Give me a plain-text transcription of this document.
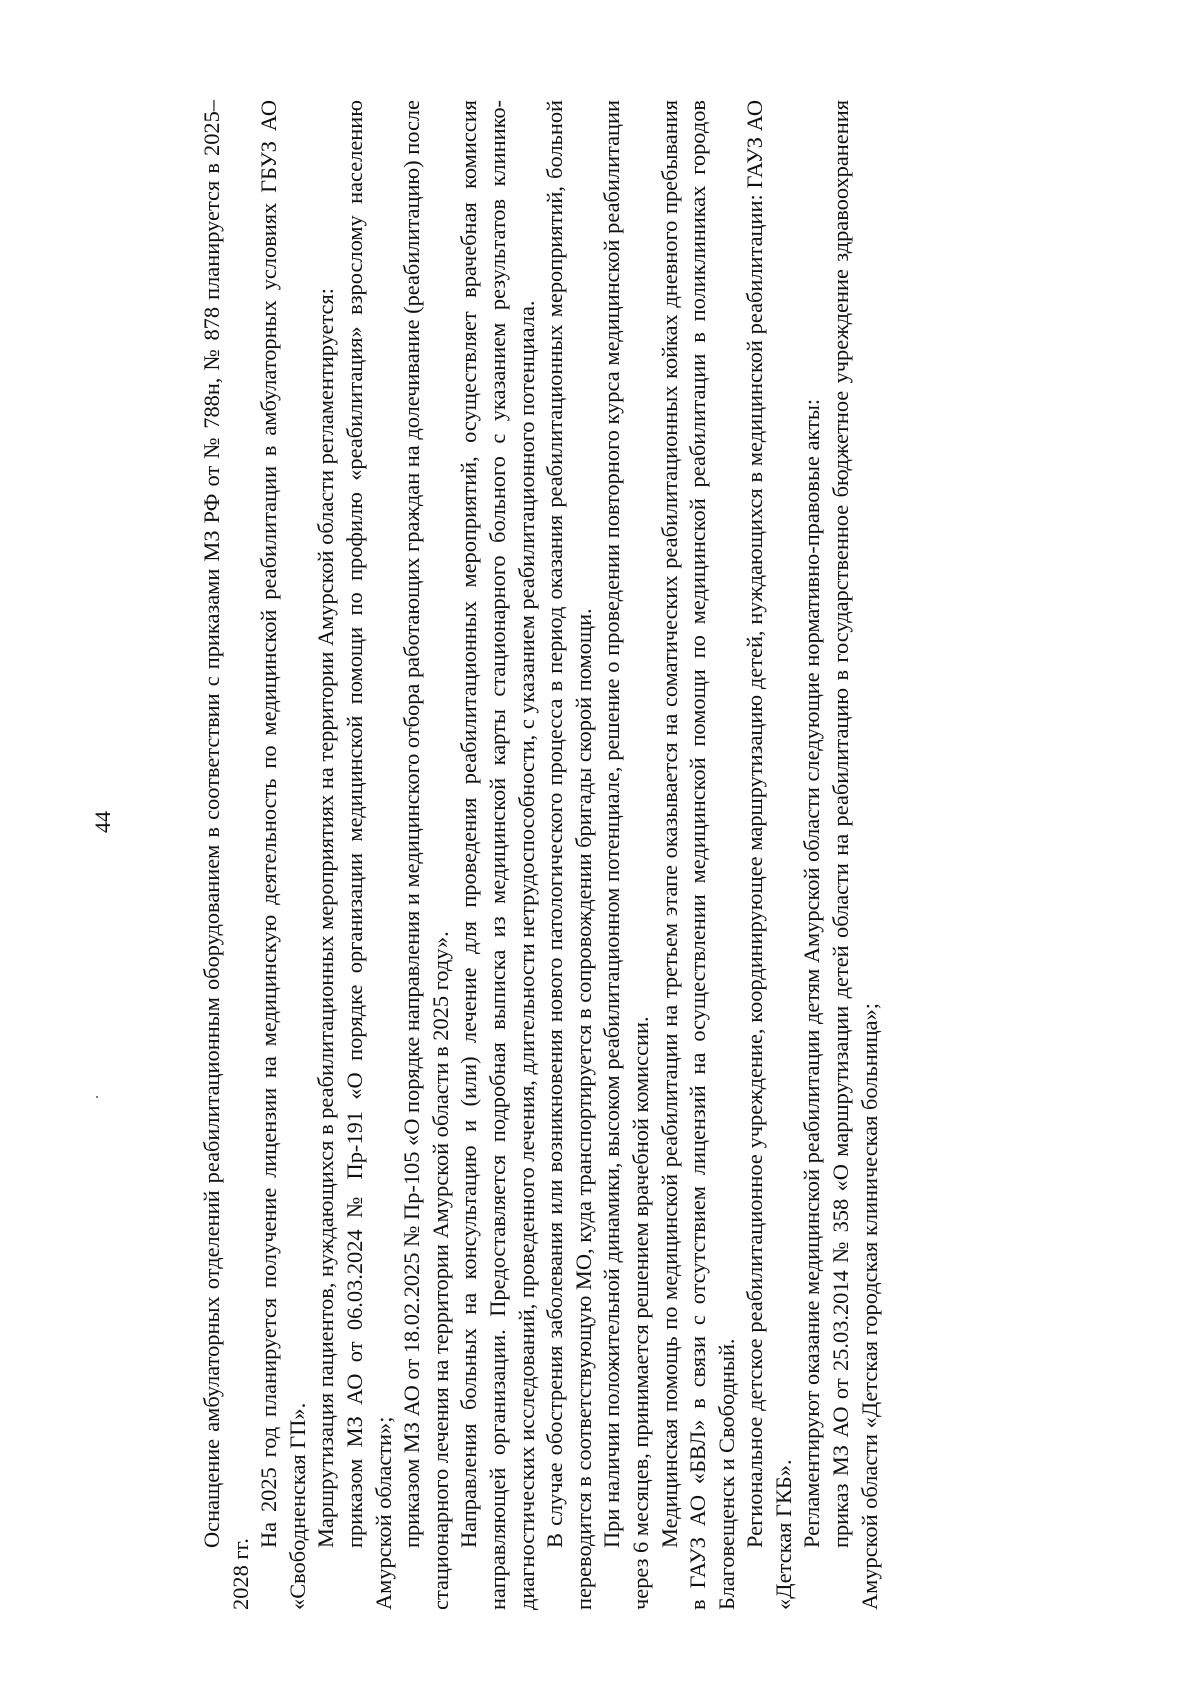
44	Оснащение амбулаторных отделений реабилитационным оборудованием в соответствии с приказами МЗ РФ от № 788н, № 878 планируется в 2025–2028 гг.

На 2025 год планируется получение лицензии на медицинскую деятельность по медицинской реабилитации в амбулаторных условиях ГБУЗ АО «Свободненская ГП». Маршрутизация пациентов, нуждающихся в реабилитационных мероприятиях на территории Амурской области регламентируется: приказом МЗ АО от 06.03.2024 № Пр-191 «О порядке организации медицинской помощи по профилю «реабилитация» взрослому населению Амурской области»; приказом МЗ АО от 18.02.2025 № Пр-105 «О порядке направления и медицинского отбора работающих граждан на долечивание (реабилитацию) после стационарного лечения на территории Амурской области в 2025 году». Направления больных на консультацию и (или) лечение для проведения реабилитационных мероприятий, осуществляет врачебная комиссия направляющей организации. Предоставляется подробная выписка из медицинской карты стационарного больного с указанием результатов клинико-диагностических исследований, проведенного лечения, длительности нетрудоспособности, с указанием реабилитационного потенциала. В случае обострения заболевания или возникновения нового патологического процесса в период оказания реабилитационных мероприятий, больной переводится в соответствующую МО, куда транспортируется в сопровождении бригады скорой помощи. При наличии положительной динамики, высоком реабилитационном потенциале, решение о проведении повторного курса медицинской реабилитации через 6 месяцев, принимается решением врачебной комиссии. Медицинская помощь по медицинской реабилитации на третьем этапе оказывается на соматических реабилитационных койках дневного пребывания в ГАУЗ АО «БВЛ» в связи с отсутствием лицензий на осуществлении медицинской помощи по медицинской реабилитации в поликлиниках городов Благовещенск и Свободный. Региональное детское реабилитационное учреждение, координирующее маршрутизацию детей, нуждающихся в медицинской реабилитации: ГАУЗ АО «Детская ГКБ». Регламентируют оказание медицинской реабилитации детям Амурской области следующие нормативно-правовые акты: приказ МЗ АО от 25.03.2014 № 358 «О маршрутизации детей области на реабилитацию в государственное бюджетное учреждение здравоохранения Амурской области «Детская городская клиническая больница»;
